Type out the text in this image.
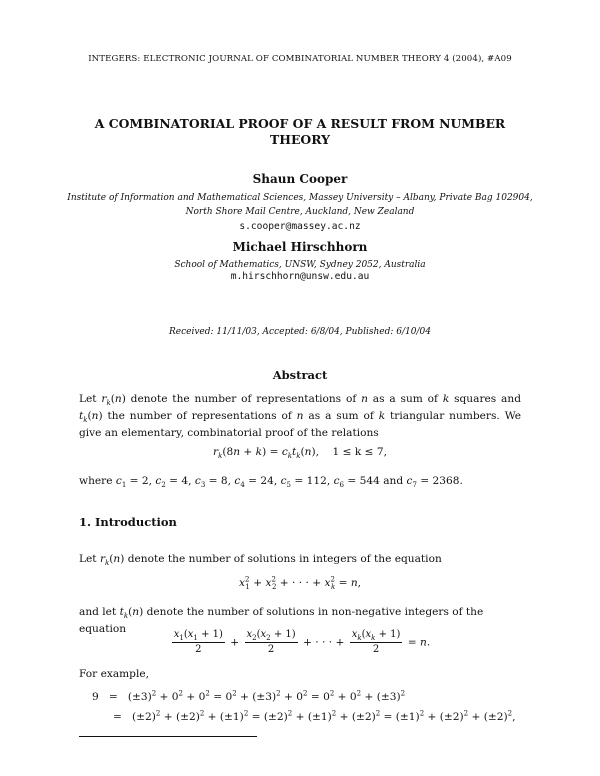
INTEGERS: ELECTRONIC JOURNAL OF COMBINATORIAL NUMBER THEORY 4 (2004), #A09
A COMBINATORIAL PROOF OF A RESULT FROM NUMBER
THEORY
Shaun Cooper
Institute of Information and Mathematical Sciences, Massey University – Albany, Private Bag 102904,
North Shore Mail Centre, Auckland, New Zealand
s.cooper@massey.ac.nz
Michael Hirschhorn
School of Mathematics, UNSW, Sydney 2052, Australia
m.hirschhorn@unsw.edu.au
Received: 11/11/03, Accepted: 6/8/04, Published: 6/10/04
Abstract

Let $r_k(n)$ denote the number of representations of n as a sum of k squares and $t_k(n)$ the number of representations of n as a sum of k triangular numbers. We give an elementary, combinatorial proof of the relations

$r_k(8n + k) = c_kt_k(n)$,    1 ≤ k ≤ 7,
where $c_1 = 2$, $c_2 = 4$, $c_3 = 8$, $c_4 = 24$, $c_5 = 112$, $c_6 = 544$ and $c_7 = 2368$.
1. Introduction
Let $r_k(n)$ denote the number of solutions in integers of the equation
$x^2_1 + x^2_2$ + · · · + $x^2_k = n$,
and let $t_k(n)$ denote the number of solutions in non-negative integers of the equation	$\frac{x_1(x_1 + 1)}{2} + \frac{x_2(x_2 + 1)}{2}$ + · · · + $\frac{x_k(x_k + 1)}{2} = n$.
For example,
$9 = (\pm 3)^2 + 0^2 + 0^2 = 0^2 + (\pm 3)^2 + 0^2 = 0^2 + 0^2 + (\pm 3)^2$
=   $(\pm 2)^2 + (\pm 2)^2 + (\pm 1)^2 = (\pm 2)^2 + (\pm 1)^2 + (\pm 2)^2 = (\pm 1)^2 + (\pm 2)^2 + (\pm 2)^2$,
